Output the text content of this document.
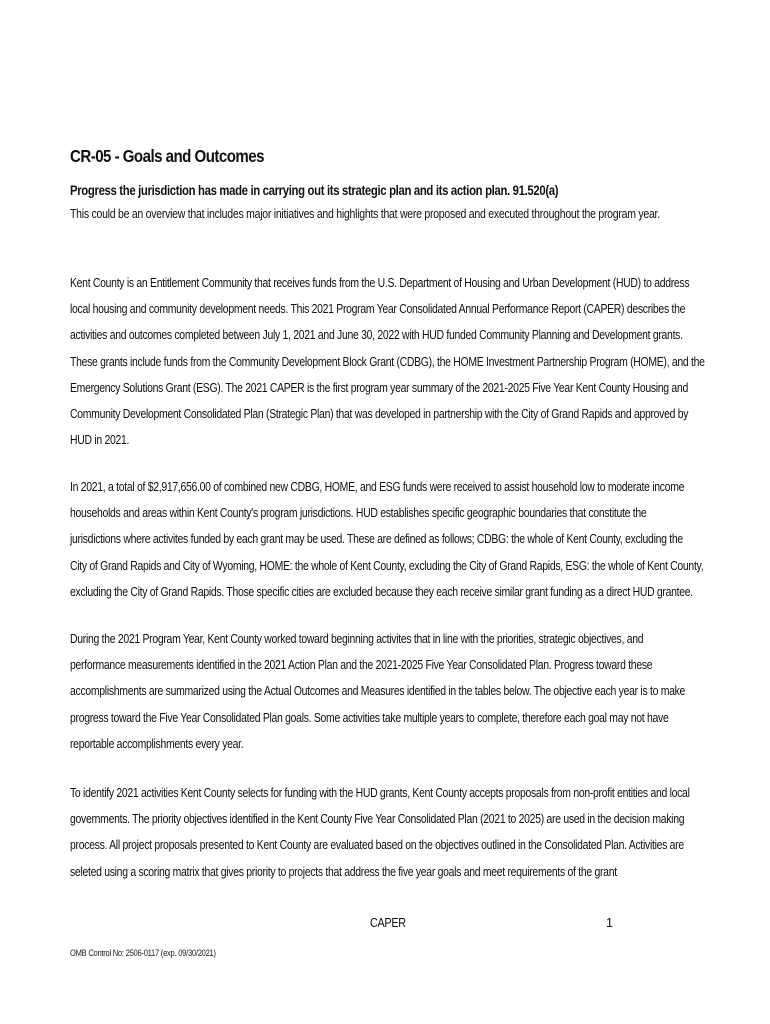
CR-05 - Goals and Outcomes
Progress the jurisdiction has made in carrying out its strategic plan and its action plan. 91.520(a)
This could be an overview that includes major initiatives and highlights that were proposed and executed throughout the program year.
Kent County is an Entitlement Community that receives funds from the U.S. Department of Housing and Urban Development (HUD) to address
local housing and community development needs. This 2021 Program Year Consolidated Annual Performance Report (CAPER) describes the
activities and outcomes completed between July 1, 2021 and June 30, 2022 with HUD funded Community Planning and Development grants.
These grants include funds from the Community Development Block Grant (CDBG), the HOME Investment Partnership Program (HOME), and the
Emergency Solutions Grant (ESG). The 2021 CAPER is the first program year summary of the 2021-2025 Five Year Kent County Housing and
Community Development Consolidated Plan (Strategic Plan) that was developed in partnership with the City of Grand Rapids and approved by
HUD in 2021.
In 2021, a total of $2,917,656.00 of combined new CDBG, HOME, and ESG funds were received to assist household low to moderate income
households and areas within Kent County's program jurisdictions. HUD establishes specific geographic boundaries that constitute the
jurisdictions where activites funded by each grant may be used. These are defined as follows; CDBG: the whole of Kent County, excluding the
City of Grand Rapids and City of Wyoming, HOME: the whole of Kent County, excluding the City of Grand Rapids, ESG: the whole of Kent County,
excluding the City of Grand Rapids. Those specific cities are excluded because they each receive similar grant funding as a direct HUD grantee.
During the 2021 Program Year, Kent County worked toward beginning activites that in line with the priorities, strategic objectives, and
performance measurements identified in the 2021 Action Plan and the 2021-2025 Five Year Consolidated Plan. Progress toward these
accomplishments are summarized using the Actual Outcomes and Measures identified in the tables below. The objective each year is to make
progress toward the Five Year Consolidated Plan goals. Some activities take multiple years to complete, therefore each goal may not have
reportable accomplishments every year.
To identify 2021 activities Kent County selects for funding with the HUD grants, Kent County accepts proposals from non-profit entities and local
governments. The priority objectives identified in the Kent County Five Year Consolidated Plan (2021 to 2025) are used in the decision making
process. All project proposals presented to Kent County are evaluated based on the objectives outlined in the Consolidated Plan. Activities are
seleted using a scoring matrix that gives priority to projects that address the five year goals and meet requirements of the grant
CAPER	1
OMB Control No: 2506-0117 (exp. 09/30/2021)
